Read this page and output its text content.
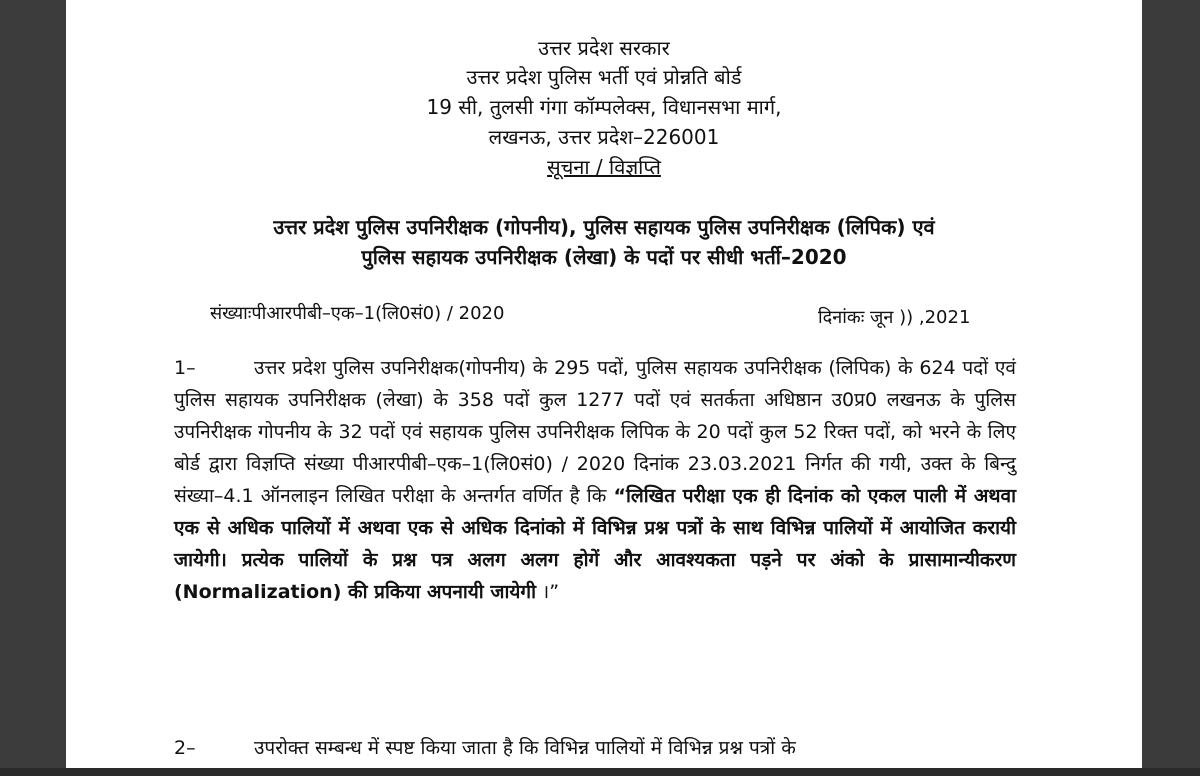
उत्तर प्रदेश सरकार
उत्तर प्रदेश पुलिस भर्ती एवं प्रोन्नति बोर्ड
19 सी, तुलसी गंगा कॉम्पलेक्स, विधानसभा मार्ग,
लखनऊ, उत्तर प्रदेश–226001
सूचना / विज्ञप्ति
उत्तर प्रदेश पुलिस उपनिरीक्षक (गोपनीय), पुलिस सहायक पुलिस उपनिरीक्षक (लिपिक) एवं
पुलिस सहायक उपनिरीक्षक (लेखा) के पदों पर सीधी भर्ती–2020
संख्याःपीआरपीबी–एक–1(लि0सं0) / 2020	दिनांकः जून )) ,2021
1–	उत्तर प्रदेश पुलिस उपनिरीक्षक(गोपनीय) के 295 पदों, पुलिस सहायक उपनिरीक्षक (लिपिक) के 624 पदों एवं पुलिस सहायक उपनिरीक्षक (लेखा) के 358 पदों कुल 1277 पदों एवं सतर्कता अधिष्ठान उ0प्र0 लखनऊ के पुलिस उपनिरीक्षक गोपनीय के 32 पदों एवं सहायक पुलिस उपनिरीक्षक लिपिक के 20 पदों कुल 52 रिक्त पदों, को भरने के लिए बोर्ड द्वारा विज्ञप्ति संख्या पीआरपीबी–एक–1(लि0सं0) / 2020 दिनांक 23.03.2021 निर्गत की गयी, उक्त के बिन्दु संख्या–4.1 ऑनलाइन लिखित परीक्षा के अन्तर्गत वर्णित है कि “लिखित परीक्षा एक ही दिनांक को एकल पाली में अथवा एक से अधिक पालियों में अथवा एक से अधिक दिनांको में विभिन्न प्रश्न पत्रों के साथ विभिन्न पालियों में आयोजित करायी जायेगी। प्रत्येक पालियों के प्रश्न पत्र अलग अलग होगें और आवश्यकता पड़ने पर अंको के प्रासामान्यीकरण (Normalization) की प्रकिया अपनायी जायेगी ।”
2–	उपरोक्त सम्बन्ध में स्पष्ट किया जाता है कि विभिन्न पालियों में विभिन्न प्रश्न पत्रों के
